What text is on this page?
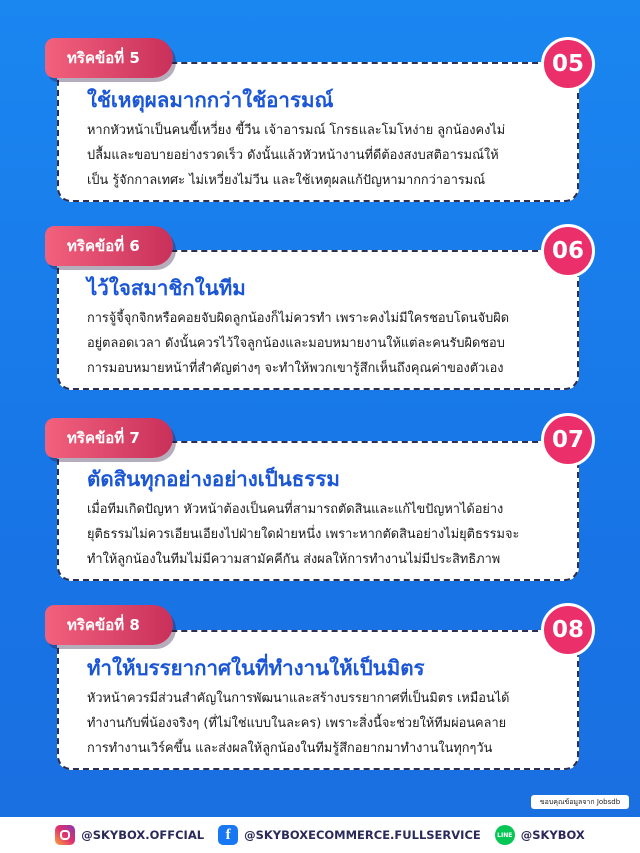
ทริคข้อที่ 5	05
ใช้เหตุผลมากกว่าใช้อารมณ์
หากหัวหน้าเป็นคนขี้เหวี่ยง ขี้วีน เจ้าอารมณ์ โกรธและโมโหง่าย ลูกน้องคงไม่
ปลื้มและขอบายอย่างรวดเร็ว ดังนั้นแล้วหัวหน้างานที่ดีต้องสงบสติอารมณ์ให้
เป็น รู้จักกาลเทศะ ไม่เหวี่ยงไม่วีน และใช้เหตุผลแก้ปัญหามากกว่าอารมณ์
ทริคข้อที่ 6	06
ไว้ใจสมาชิกในทีม
การจู้จี้จุกจิกหรือคอยจับผิดลูกน้องก็ไม่ควรทำ เพราะคงไม่มีใครชอบโดนจับผิด
อยู่ตลอดเวลา ดังนั้นควรไว้ใจลูกน้องและมอบหมายงานให้แต่ละคนรับผิดชอบ
การมอบหมายหน้าที่สำคัญต่างๆ จะทำให้พวกเขารู้สึกเห็นถึงคุณค่าของตัวเอง
ทริคข้อที่ 7	07
ตัดสินทุกอย่างอย่างเป็นธรรม
เมื่อทีมเกิดปัญหา หัวหน้าต้องเป็นคนที่สามารถตัดสินและแก้ไขปัญหาได้อย่าง
ยุติธรรมไม่ควรเอียนเอียงไปฝ่ายใดฝ่ายหนึ่ง เพราะหากตัดสินอย่างไม่ยุติธรรมจะ
ทำให้ลูกน้องในทีมไม่มีความสามัคคีกัน ส่งผลให้การทำงานไม่มีประสิทธิภาพ
ทริคข้อที่ 8	08
ทำให้บรรยากาศในที่ทำงานให้เป็นมิตร
หัวหน้าควรมีส่วนสำคัญในการพัฒนาและสร้างบรรยากาศที่เป็นมิตร เหมือนได้
ทำงานกับพี่น้องจริงๆ (ที่ไม่ใช่แบบในละคร) เพราะสิ่งนี้จะช่วยให้ทีมผ่อนคลาย
การทำงานเวิร์คขึ้น และส่งผลให้ลูกน้องในทีมรู้สึกอยากมาทำงานในทุกๆวัน
ขอบคุณข้อมูลจาก Jobsdb
@SKYBOX.OFFCIAL	f	@SKYBOXECOMMERCE.FULLSERVICE	LINE @SKYBOX
